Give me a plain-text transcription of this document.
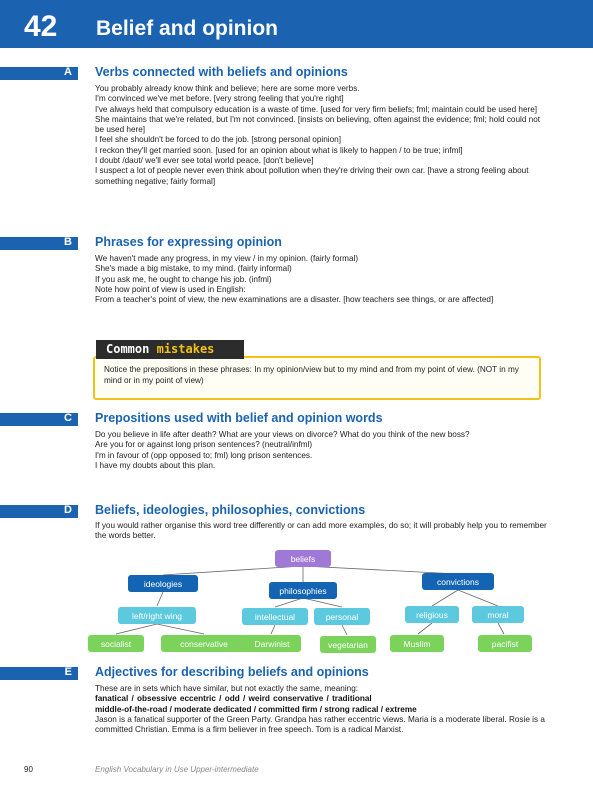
42 Belief and opinion
A Verbs connected with beliefs and opinions
You probably already know think and believe; here are some more verbs.
I'm convinced we've met before. [very strong feeling that you're right]
I've always held that compulsory education is a waste of time. [used for very firm beliefs; fml; maintain could be used here]
She maintains that we're related, but I'm not convinced. [insists on believing, often against the evidence; fml; hold could not be used here]
I feel she shouldn't be forced to do the job. [strong personal opinion]
I reckon they'll get married soon. [used for an opinion about what is likely to happen / to be true; infml]
I doubt /daʊt/ we'll ever see total world peace. [don't believe]
I suspect a lot of people never even think about pollution when they're driving their own car. [have a strong feeling about something negative; fairly formal]
B Phrases for expressing opinion
We haven't made any progress, in my view / in my opinion. (fairly formal)
She's made a big mistake, to my mind. (fairly informal)
If you ask me, he ought to change his job. (infml)
Note how point of view is used in English:
From a teacher's point of view, the new examinations are a disaster. [how teachers see things, or are affected]
Common mistakes
Notice the prepositions in these phrases: In my opinion/view but to my mind and from my point of view. (NOT in my mind or in my point of view)
C Prepositions used with belief and opinion words
Do you believe in life after death? What are your views on divorce? What do you think of the new boss?
Are you for or against long prison sentences? (neutral/infml)
I'm in favour of (opp opposed to; fml) long prison sentences.
I have my doubts about this plan.
D Beliefs, ideologies, philosophies, convictions
If you would rather organise this word tree differently or can add more examples, do so; it will probably help you to remember the words better.
beliefs
ideologies
philosophies
convictions
left/right wing	intellectual	personal	religious	moral
socialist	conservative	Darwinist	vegetarian	Muslim	pacifist
E Adjectives for describing beliefs and opinions
These are in sets which have similar, but not exactly the same, meaning:
fanatical / obsessive eccentric / odd / weird conservative / traditional
middle-of-the-road / moderate dedicated / committed firm / strong radical / extreme
Jason is a fanatical supporter of the Green Party. Grandpa has rather eccentric views. Maria is a moderate liberal. Rosie is a committed Christian. Emma is a firm believer in free speech. Tom is a radical Marxist.
90	English Vocabulary in Use Upper-intermediate
